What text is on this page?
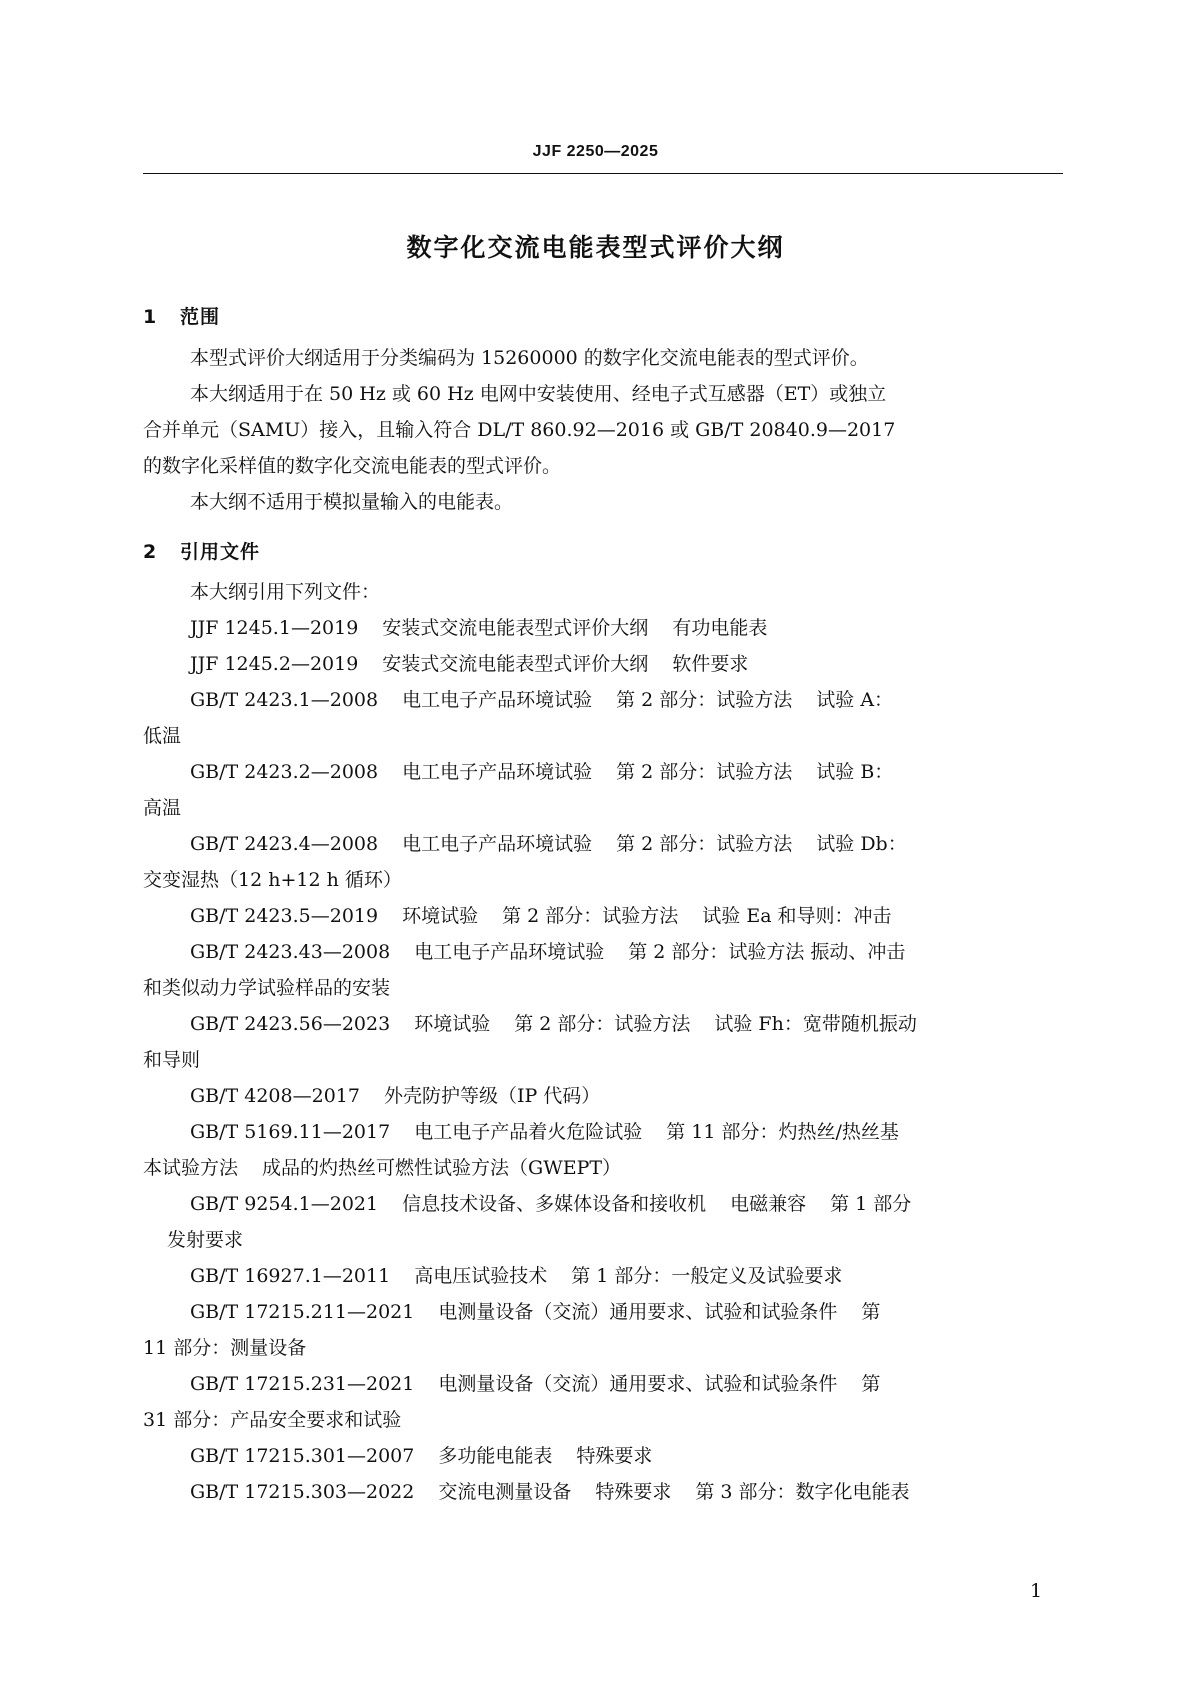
JJF 2250—2025
数字化交流电能表型式评价大纲
1 范围
本型式评价大纲适用于分类编码为 15260000 的数字化交流电能表的型式评价。
本大纲适用于在 50 Hz 或 60 Hz 电网中安装使用、经电子式互感器（ET）或独立
合并单元（SAMU）接入，且输入符合 DL/T 860.92—2016 或 GB/T 20840.9—2017
的数字化采样值的数字化交流电能表的型式评价。
本大纲不适用于模拟量输入的电能表。
2 引用文件
本大纲引用下列文件：
JJF 1245.1—2019 安装式交流电能表型式评价大纲 有功电能表
JJF 1245.2—2019 安装式交流电能表型式评价大纲 软件要求
GB/T 2423.1—2008 电工电子产品环境试验 第 2 部分：试验方法 试验 A：
低温
GB/T 2423.2—2008 电工电子产品环境试验 第 2 部分：试验方法 试验 B：
高温
GB/T 2423.4—2008 电工电子产品环境试验 第 2 部分：试验方法 试验 Db：
交变湿热（12 h+12 h 循环）
GB/T 2423.5—2019 环境试验 第 2 部分：试验方法 试验 Ea 和导则：冲击
GB/T 2423.43—2008 电工电子产品环境试验 第 2 部分：试验方法 振动、冲击
和类似动力学试验样品的安装
GB/T 2423.56—2023 环境试验 第 2 部分：试验方法 试验 Fh：宽带随机振动
和导则
GB/T 4208—2017 外壳防护等级（IP 代码）
GB/T 5169.11—2017 电工电子产品着火危险试验 第 11 部分：灼热丝/热丝基
本试验方法 成品的灼热丝可燃性试验方法（GWEPT）
GB/T 9254.1—2021 信息技术设备、多媒体设备和接收机 电磁兼容 第 1 部分
发射要求
GB/T 16927.1—2011 高电压试验技术 第 1 部分：一般定义及试验要求
GB/T 17215.211—2021 电测量设备（交流）通用要求、试验和试验条件 第
11 部分：测量设备
GB/T 17215.231—2021 电测量设备（交流）通用要求、试验和试验条件 第
31 部分：产品安全要求和试验
GB/T 17215.301—2007 多功能电能表 特殊要求
GB/T 17215.303—2022 交流电测量设备 特殊要求 第 3 部分：数字化电能表
1
